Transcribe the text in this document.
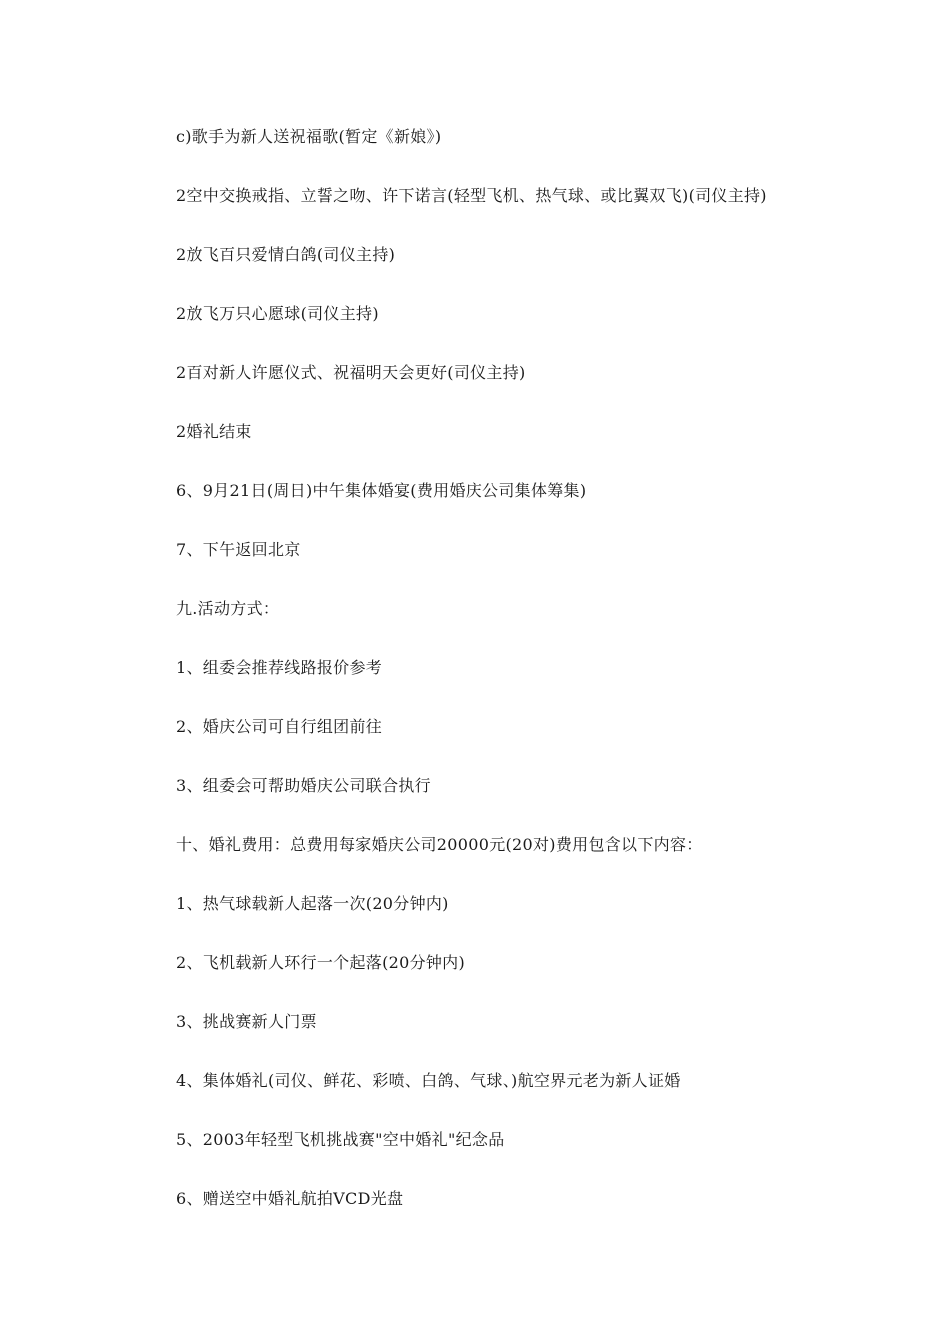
c)歌手为新人送祝福歌(暂定《新娘》)
2空中交换戒指、立誓之吻、许下诺言(轻型飞机、热气球、或比翼双飞)(司仪主持)
2放飞百只爱情白鸽(司仪主持)
2放飞万只心愿球(司仪主持)
2百对新人许愿仪式、祝福明天会更好(司仪主持)
2婚礼结束
6、9月21日(周日)中午集体婚宴(费用婚庆公司集体筹集)
7、下午返回北京
九.活动方式：
1、组委会推荐线路报价参考
2、婚庆公司可自行组团前往
3、组委会可帮助婚庆公司联合执行
十、婚礼费用：总费用每家婚庆公司20000元(20对)费用包含以下内容：
1、热气球载新人起落一次(20分钟内)
2、飞机载新人环行一个起落(20分钟内)
3、挑战赛新人门票
4、集体婚礼(司仪、鲜花、彩喷、白鸽、气球、)航空界元老为新人证婚
5、2003年轻型飞机挑战赛"空中婚礼"纪念品
6、赠送空中婚礼航拍VCD光盘
